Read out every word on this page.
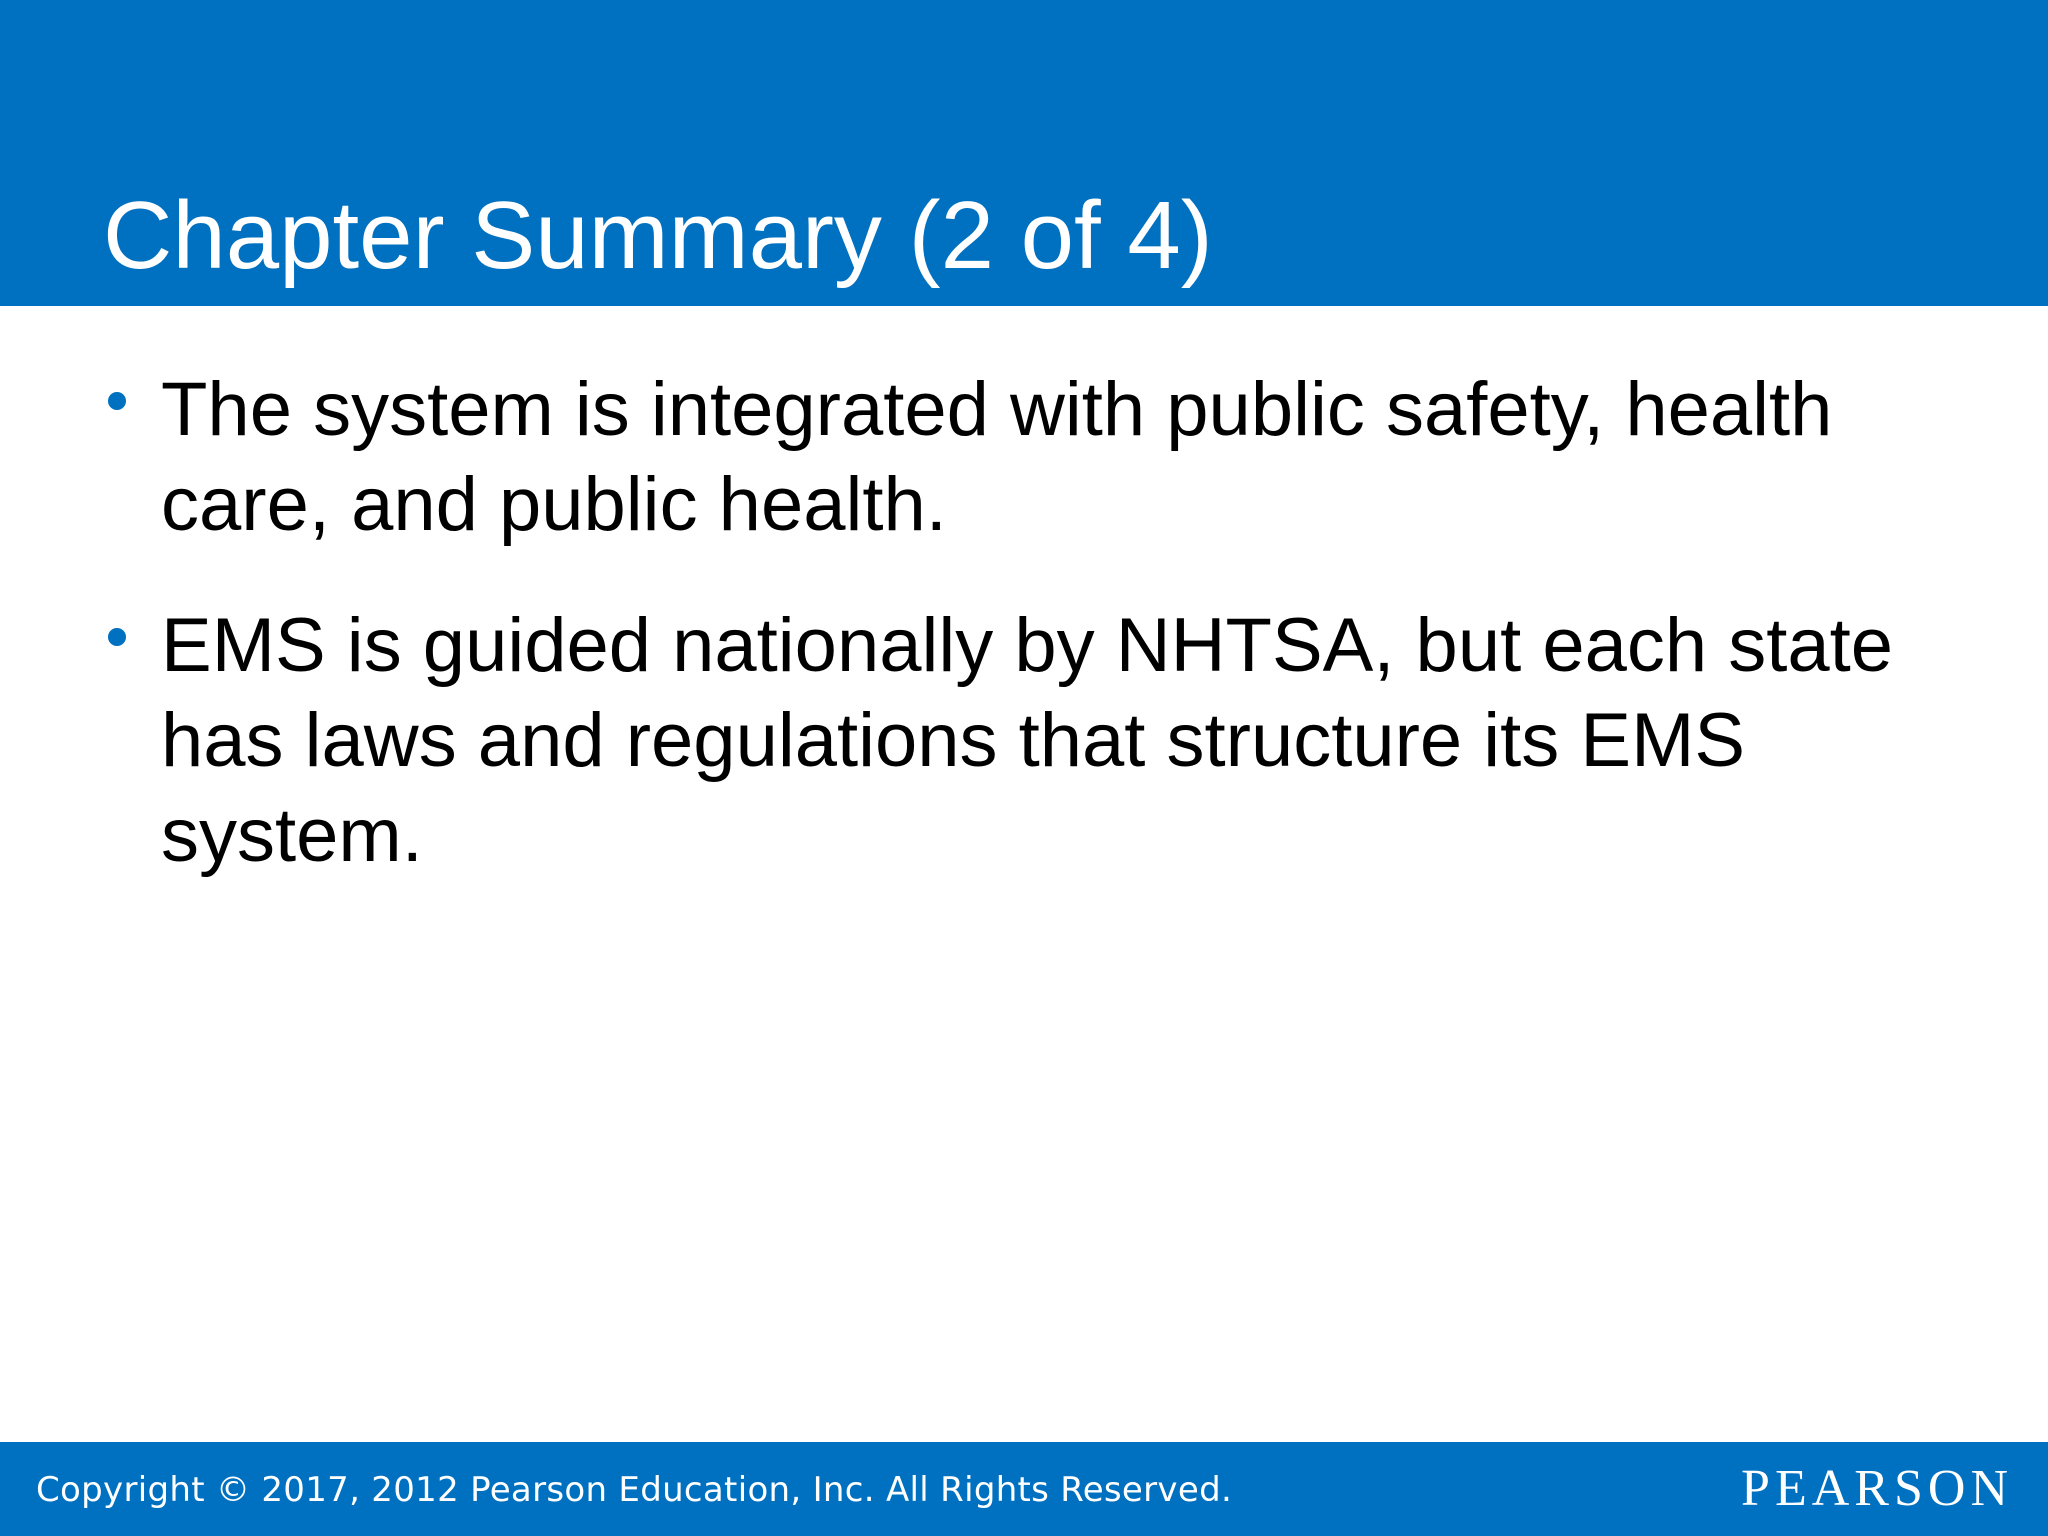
Chapter Summary (2 of 4)
The system is integrated with public safety, health care, and public health.
EMS is guided nationally by NHTSA, but each state has laws and regulations that structure its EMS system.
Copyright © 2017, 2012 Pearson Education, Inc. All Rights Reserved.	PEARSON
